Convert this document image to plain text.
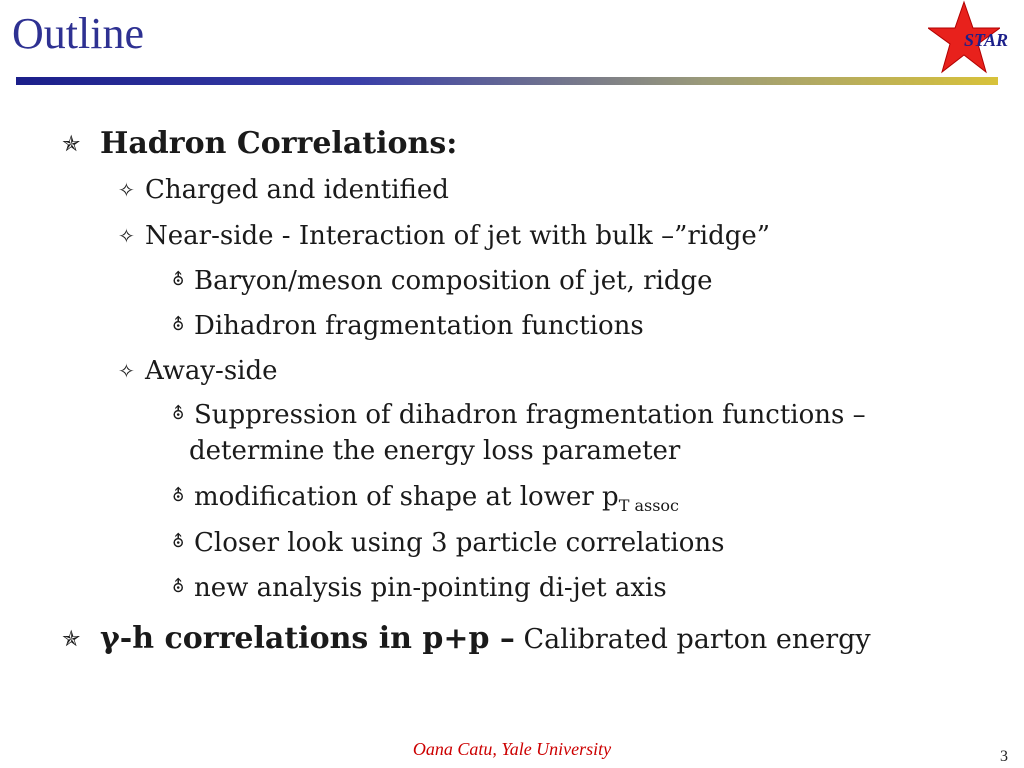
Outline	STAR
✯ Hadron Correlations:
✧ Charged and identified
✧ Near-side - Interaction of jet with bulk –”ridge”
⛢ Baryon/meson composition of jet, ridge
⛢ Dihadron fragmentation functions
✧ Away-side
⛢ Suppression of dihadron fragmentation functions –
determine the energy loss parameter
⛢ modification of shape at lower $p_{T assoc}$
⛢ Closer look using 3 particle correlations
⛢ new analysis pin-pointing di-jet axis
✯ γ-h correlations in p+p – Calibrated parton energy
Oana Catu, Yale University	3
